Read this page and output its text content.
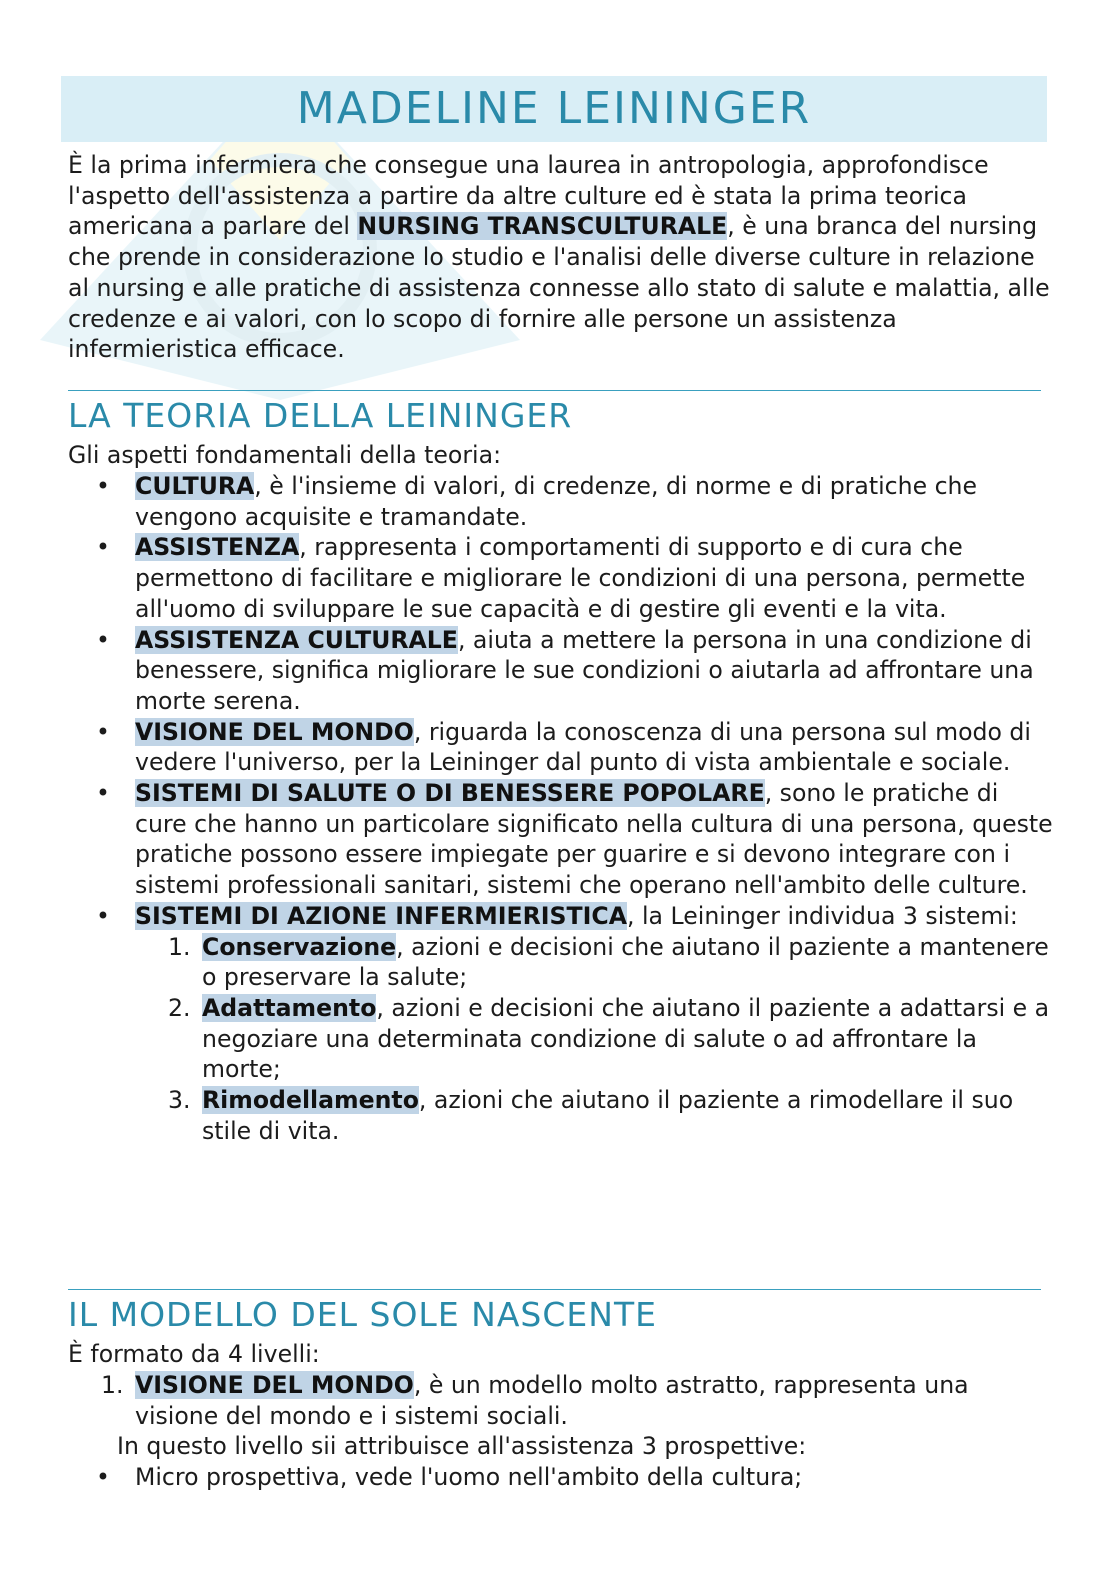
MADELINE LEININGER

È la prima infermiera che consegue una laurea in antropologia, approfondisce l'aspetto dell'assistenza a partire da altre culture ed è stata la prima teorica americana a parlare del NURSING TRANSCULTURALE, è una branca del nursing che prende in considerazione lo studio e l'analisi delle diverse culture in relazione al nursing e alle pratiche di assistenza connesse allo stato di salute e malattia, alle credenze e ai valori, con lo scopo di fornire alle persone un assistenza infermieristica efficace.

LA TEORIA DELLA LEININGER
Gli aspetti fondamentali della teoria:
• CULTURA, è l'insieme di valori, di credenze, di norme e di pratiche che vengono acquisite e tramandate.
• ASSISTENZA, rappresenta i comportamenti di supporto e di cura che permettono di facilitare e migliorare le condizioni di una persona, permette all'uomo di sviluppare le sue capacità e di gestire gli eventi e la vita.
• ASSISTENZA CULTURALE, aiuta a mettere la persona in una condizione di benessere, significa migliorare le sue condizioni o aiutarla ad affrontare una morte serena.
• VISIONE DEL MONDO, riguarda la conoscenza di una persona sul modo di vedere l'universo, per la Leininger dal punto di vista ambientale e sociale.
• SISTEMI DI SALUTE O DI BENESSERE POPOLARE, sono le pratiche di cure che hanno un particolare significato nella cultura di una persona, queste pratiche possono essere impiegate per guarire e si devono integrare con i sistemi professionali sanitari, sistemi che operano nell'ambito delle culture.
• SISTEMI DI AZIONE INFERMIERISTICA, la Leininger individua 3 sistemi:
1. Conservazione, azioni e decisioni che aiutano il paziente a mantenere o preservare la salute;
2. Adattamento, azioni e decisioni che aiutano il paziente a adattarsi e a negoziare una determinata condizione di salute o ad affrontare la morte;
3. Rimodellamento, azioni che aiutano il paziente a rimodellare il suo stile di vita.
IL MODELLO DEL SOLE NASCENTE
È formato da 4 livelli:
1. VISIONE DEL MONDO, è un modello molto astratto, rappresenta una visione del mondo e i sistemi sociali.
In questo livello sii attribuisce all'assistenza 3 prospettive:
• Micro prospettiva, vede l'uomo nell'ambito della cultura;
